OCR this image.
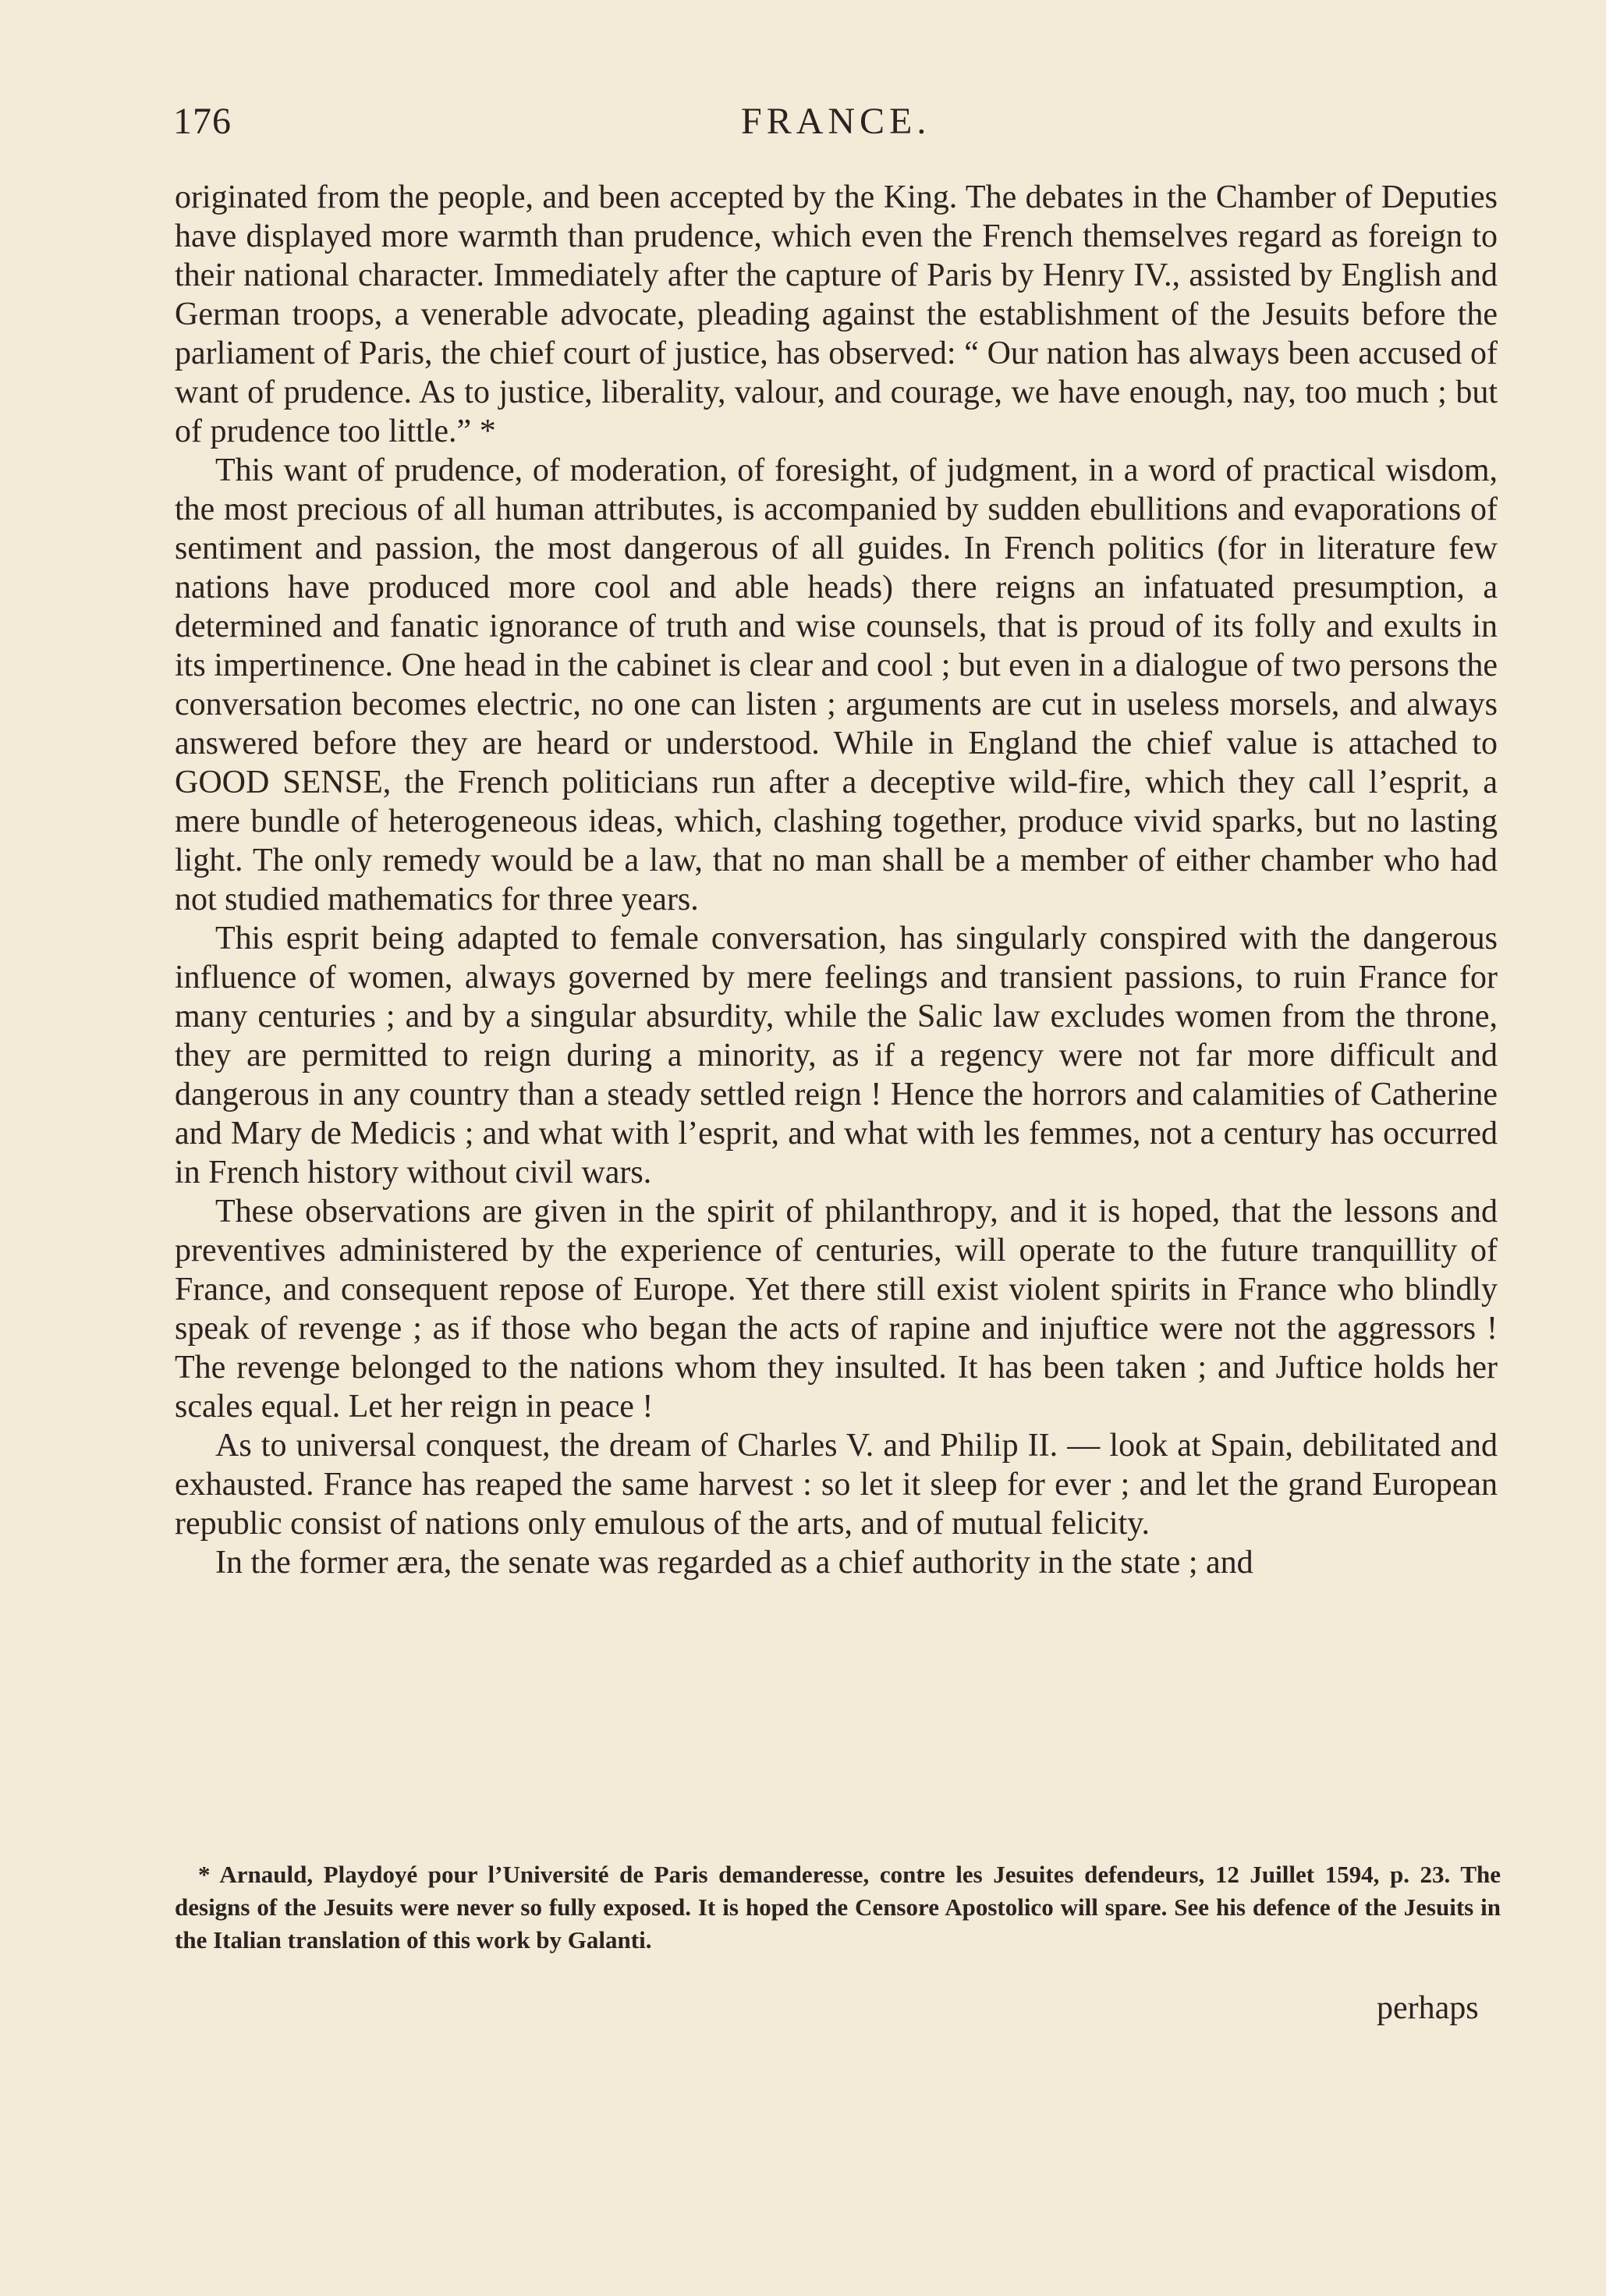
176	FRANCE.

originated from the people, and been accepted by the King. The debates in the Chamber of Deputies have displayed more warmth than prudence, which even the French themselves regard as foreign to their national character. Immediately after the capture of Paris by Henry IV., assisted by English and German troops, a venerable advocate, pleading against the establishment of the Jesuits before the parliament of Paris, the chief court of justice, has observed: “ Our nation has always been accused of want of prudence. As to justice, liberality, valour, and courage, we have enough, nay, too much ; but of prudence too little.” *

This want of prudence, of moderation, of foresight, of judgment, in a word of practical wisdom, the most precious of all human attributes, is accompanied by sudden ebullitions and evaporations of sentiment and passion, the most dangerous of all guides. In French politics (for in literature few nations have produced more cool and able heads) there reigns an infatuated presumption, a determined and fanatic ignorance of truth and wise counsels, that is proud of its folly and exults in its impertinence. One head in the cabinet is clear and cool ; but even in a dialogue of two persons the conversation becomes electric, no one can listen ; arguments are cut in useless morsels, and always answered before they are heard or understood. While in England the chief value is attached to GOOD SENSE, the French politicians run after a deceptive wild-fire, which they call l’esprit, a mere bundle of heterogeneous ideas, which, clashing together, produce vivid sparks, but no lasting light. The only remedy would be a law, that no man shall be a member of either chamber who had not studied mathematics for three years.

This esprit being adapted to female conversation, has singularly conspired with the dangerous influence of women, always governed by mere feelings and transient passions, to ruin France for many centuries ; and by a singular absurdity, while the Salic law excludes women from the throne, they are permitted to reign during a minority, as if a regency were not far more difficult and dangerous in any country than a steady settled reign ! Hence the horrors and calamities of Catherine and Mary de Medicis ; and what with l’esprit, and what with les femmes, not a century has occurred in French history without civil wars.

These observations are given in the spirit of philanthropy, and it is hoped, that the lessons and preventives administered by the experience of centuries, will operate to the future tranquillity of France, and consequent repose of Europe. Yet there still exist violent spirits in France who blindly speak of revenge ; as if those who began the acts of rapine and injuftice were not the aggressors ! The revenge belonged to the nations whom they insulted. It has been taken ; and Juftice holds her scales equal. Let her reign in peace !

As to universal conquest, the dream of Charles V. and Philip II. — look at Spain, debilitated and exhausted. France has reaped the same harvest : so let it sleep for ever ; and let the grand European republic consist of nations only emulous of the arts, and of mutual felicity.

In the former æra, the senate was regarded as a chief authority in the state ; and

* Arnauld, Playdoyé pour l’Université de Paris demanderesse, contre les Jesuites defendeurs, 12 Juillet 1594, p. 23. The designs of the Jesuits were never so fully exposed. It is hoped the Censore Apostolico will spare. See his defence of the Jesuits in the Italian translation of this work by Galanti.
perhaps
